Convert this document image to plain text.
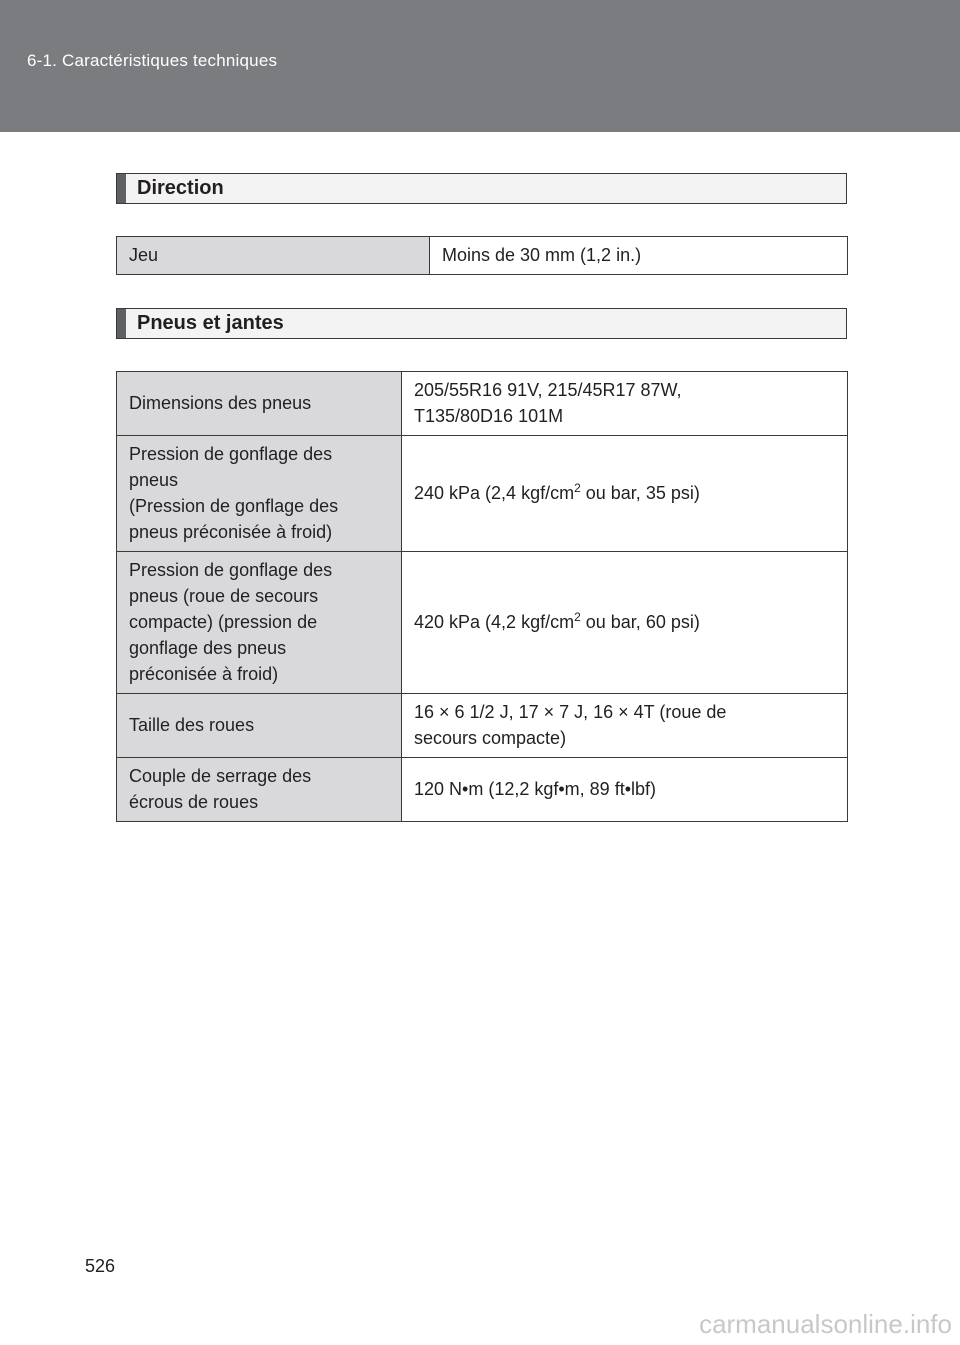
6-1. Caractéristiques techniques
Direction
Jeu	Moins de 30 mm (1,2 in.)
Pneus et jantes
Dimensions des pneus	205/55R16 91V, 215/45R17 87W,
T135/80D16 101M

Pression de gonflage des
pneus
(Pression de gonflage des
pneus préconisée à froid)	240 kPa (2,4 kgf/$cm^2$ ou bar, 35 psi)

Pression de gonflage des
pneus (roue de secours
compacte) (pression de
gonflage des pneus
préconisée à froid)	420 kPa (4,2 kgf/$cm^2$ ou bar, 60 psi)

Taille des roues	16 × 6 1/2 J, 17 × 7 J, 16 × 4T (roue de
secours compacte)

Couple de serrage des
écrous de roues	120 N•m (12,2 kgf•m, 89 ft•lbf)
526
carmanualsonline.info
